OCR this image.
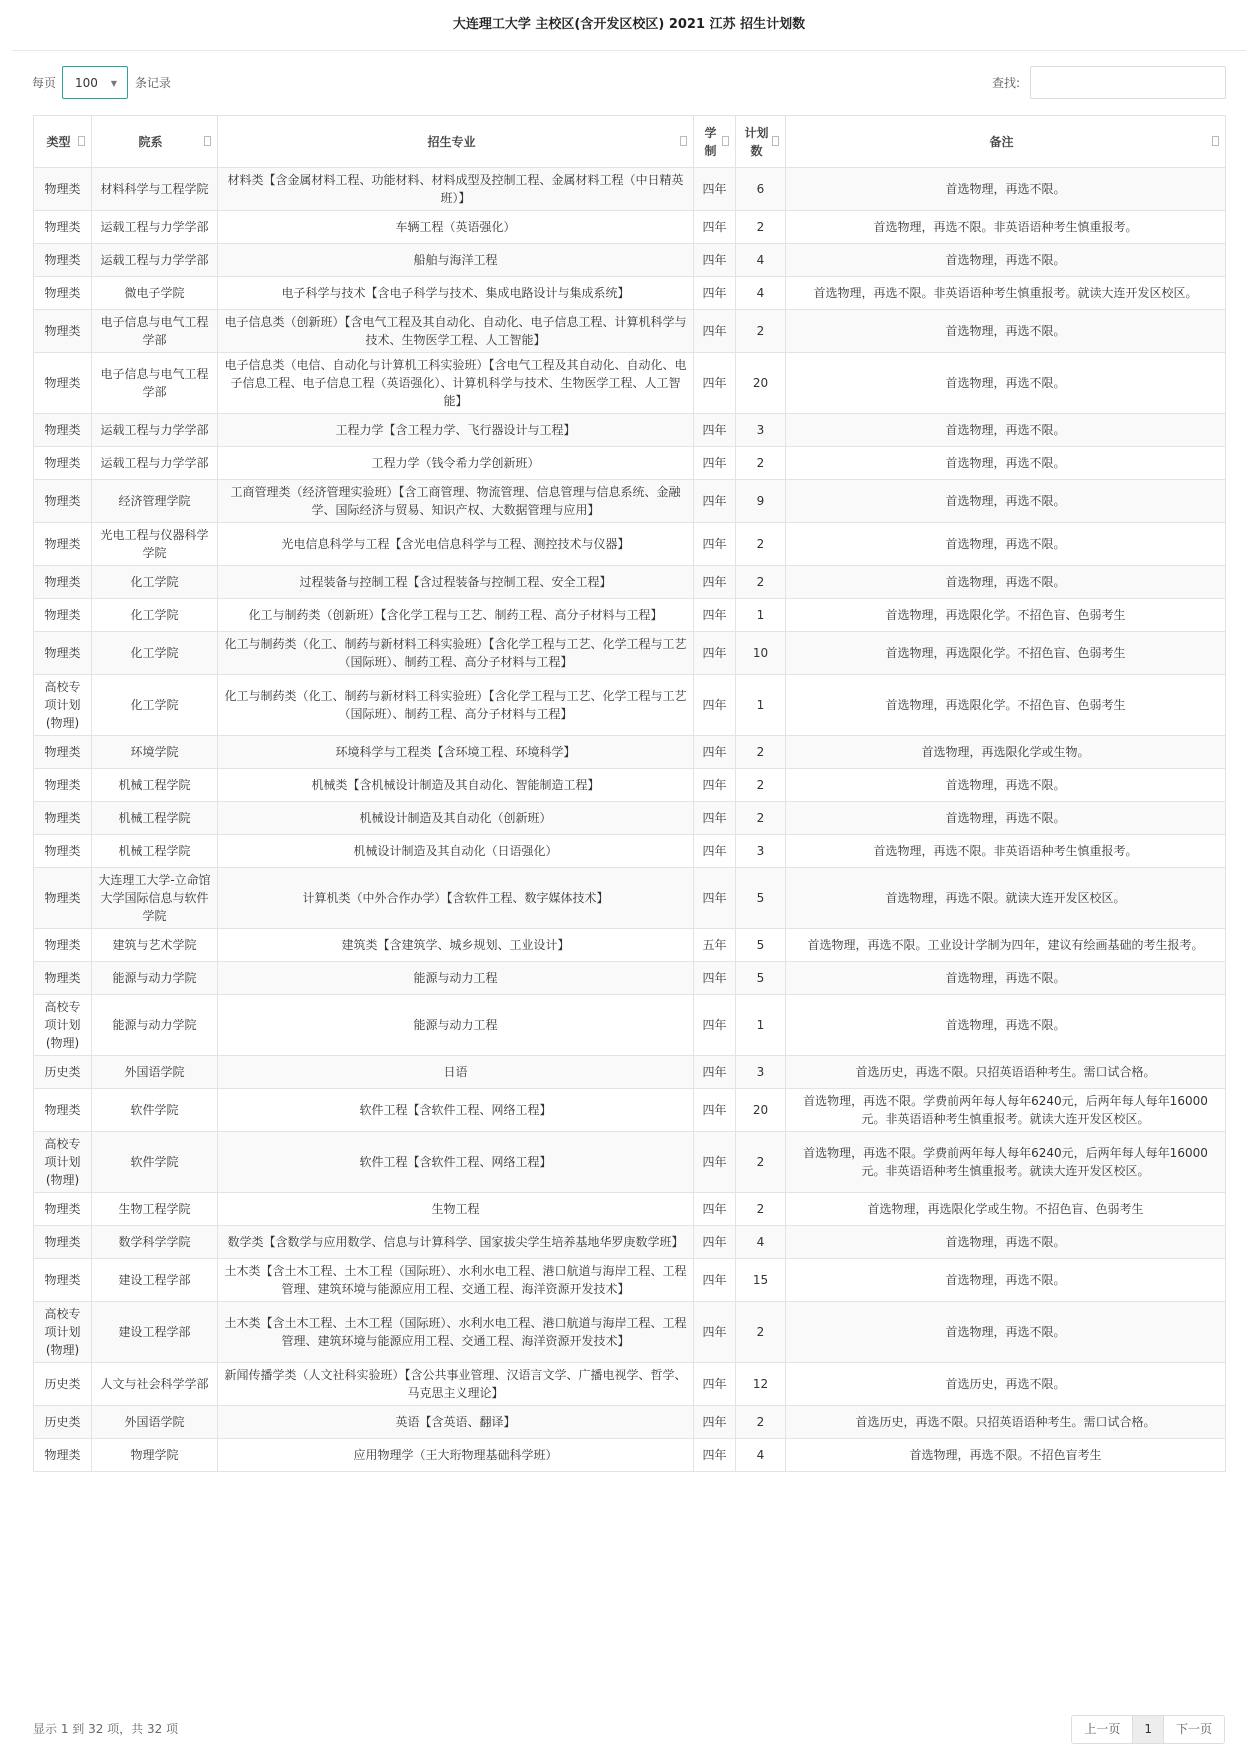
大连理工大学 主校区(含开发区校区) 2021 江苏 招生计划数
每页	100 ▼ 条记录	查找:
类型	院系	招生专业	学制	计划数	备注

物理类	材料科学与工程学院	材料类【含金属材料工程、功能材料、材料成型及控制工程、金属材料工程（中日精英班）】	四年	6	首选物理，再选不限。
物理类	运载工程与力学学部	车辆工程（英语强化）	四年	2	首选物理，再选不限。非英语语种考生慎重报考。
物理类	运载工程与力学学部	船舶与海洋工程	四年	4	首选物理，再选不限。
物理类	微电子学院	电子科学与技术【含电子科学与技术、集成电路设计与集成系统】	四年	4	首选物理，再选不限。非英语语种考生慎重报考。就读大连开发区校区。
物理类	电子信息与电气工程学部	电子信息类（创新班）【含电气工程及其自动化、自动化、电子信息工程、计算机科学与技术、生物医学工程、人工智能】	四年	2	首选物理，再选不限。
物理类	电子信息与电气工程学部	电子信息类（电信、自动化与计算机工科实验班）【含电气工程及其自动化、自动化、电子信息工程、电子信息工程（英语强化）、计算机科学与技术、生物医学工程、人工智能】	四年	20	首选物理，再选不限。
物理类	运载工程与力学学部	工程力学【含工程力学、飞行器设计与工程】	四年	3	首选物理，再选不限。
物理类	运载工程与力学学部	工程力学（钱令希力学创新班）	四年	2	首选物理，再选不限。
物理类	经济管理学院	工商管理类（经济管理实验班）【含工商管理、物流管理、信息管理与信息系统、金融学、国际经济与贸易、知识产权、大数据管理与应用】	四年	9	首选物理，再选不限。
物理类	光电工程与仪器科学学院	光电信息科学与工程【含光电信息科学与工程、测控技术与仪器】	四年	2	首选物理，再选不限。
物理类	化工学院	过程装备与控制工程【含过程装备与控制工程、安全工程】	四年	2	首选物理，再选不限。
物理类	化工学院	化工与制药类（创新班）【含化学工程与工艺、制药工程、高分子材料与工程】	四年	1	首选物理，再选限化学。不招色盲、色弱考生
物理类	化工学院	化工与制药类（化工、制药与新材料工科实验班）【含化学工程与工艺、化学工程与工艺（国际班）、制药工程、高分子材料与工程】	四年	10	首选物理，再选限化学。不招色盲、色弱考生
高校专项计划(物理)	化工学院	化工与制药类（化工、制药与新材料工科实验班）【含化学工程与工艺、化学工程与工艺（国际班）、制药工程、高分子材料与工程】	四年	1	首选物理，再选限化学。不招色盲、色弱考生
物理类	环境学院	环境科学与工程类【含环境工程、环境科学】	四年	2	首选物理，再选限化学或生物。
物理类	机械工程学院	机械类【含机械设计制造及其自动化、智能制造工程】	四年	2	首选物理，再选不限。
物理类	机械工程学院	机械设计制造及其自动化（创新班）	四年	2	首选物理，再选不限。
物理类	机械工程学院	机械设计制造及其自动化（日语强化）	四年	3	首选物理，再选不限。非英语语种考生慎重报考。
物理类	大连理工大学-立命馆大学国际信息与软件学院	计算机类（中外合作办学）【含软件工程、数字媒体技术】	四年	5	首选物理，再选不限。就读大连开发区校区。
物理类	建筑与艺术学院	建筑类【含建筑学、城乡规划、工业设计】	五年	5	首选物理，再选不限。工业设计学制为四年，建议有绘画基础的考生报考。
物理类	能源与动力学院	能源与动力工程	四年	5	首选物理，再选不限。
高校专项计划(物理)	能源与动力学院	能源与动力工程	四年	1	首选物理，再选不限。
历史类	外国语学院	日语	四年	3	首选历史，再选不限。只招英语语种考生。需口试合格。
物理类	软件学院	软件工程【含软件工程、网络工程】	四年	20	首选物理，再选不限。学费前两年每人每年6240元，后两年每人每年16000元。非英语语种考生慎重报考。就读大连开发区校区。
高校专项计划(物理)	软件学院	软件工程【含软件工程、网络工程】	四年	2	首选物理，再选不限。学费前两年每人每年6240元，后两年每人每年16000元。非英语语种考生慎重报考。就读大连开发区校区。
物理类	生物工程学院	生物工程	四年	2	首选物理，再选限化学或生物。不招色盲、色弱考生
物理类	数学科学学院	数学类【含数学与应用数学、信息与计算科学、国家拔尖学生培养基地华罗庚数学班】	四年	4	首选物理，再选不限。
物理类	建设工程学部	土木类【含土木工程、土木工程（国际班）、水利水电工程、港口航道与海岸工程、工程管理、建筑环境与能源应用工程、交通工程、海洋资源开发技术】	四年	15	首选物理，再选不限。
高校专项计划(物理)	建设工程学部	土木类【含土木工程、土木工程（国际班）、水利水电工程、港口航道与海岸工程、工程管理、建筑环境与能源应用工程、交通工程、海洋资源开发技术】	四年	2	首选物理，再选不限。
历史类	人文与社会科学学部	新闻传播学类（人文社科实验班）【含公共事业管理、汉语言文学、广播电视学、哲学、马克思主义理论】	四年	12	首选历史，再选不限。
历史类	外国语学院	英语【含英语、翻译】	四年	2	首选历史，再选不限。只招英语语种考生。需口试合格。
物理类	物理学院	应用物理学（王大珩物理基础科学班）	四年	4	首选物理，再选不限。不招色盲考生
显示 1 到 32 项，共 32 项	上一页	1	下一页
